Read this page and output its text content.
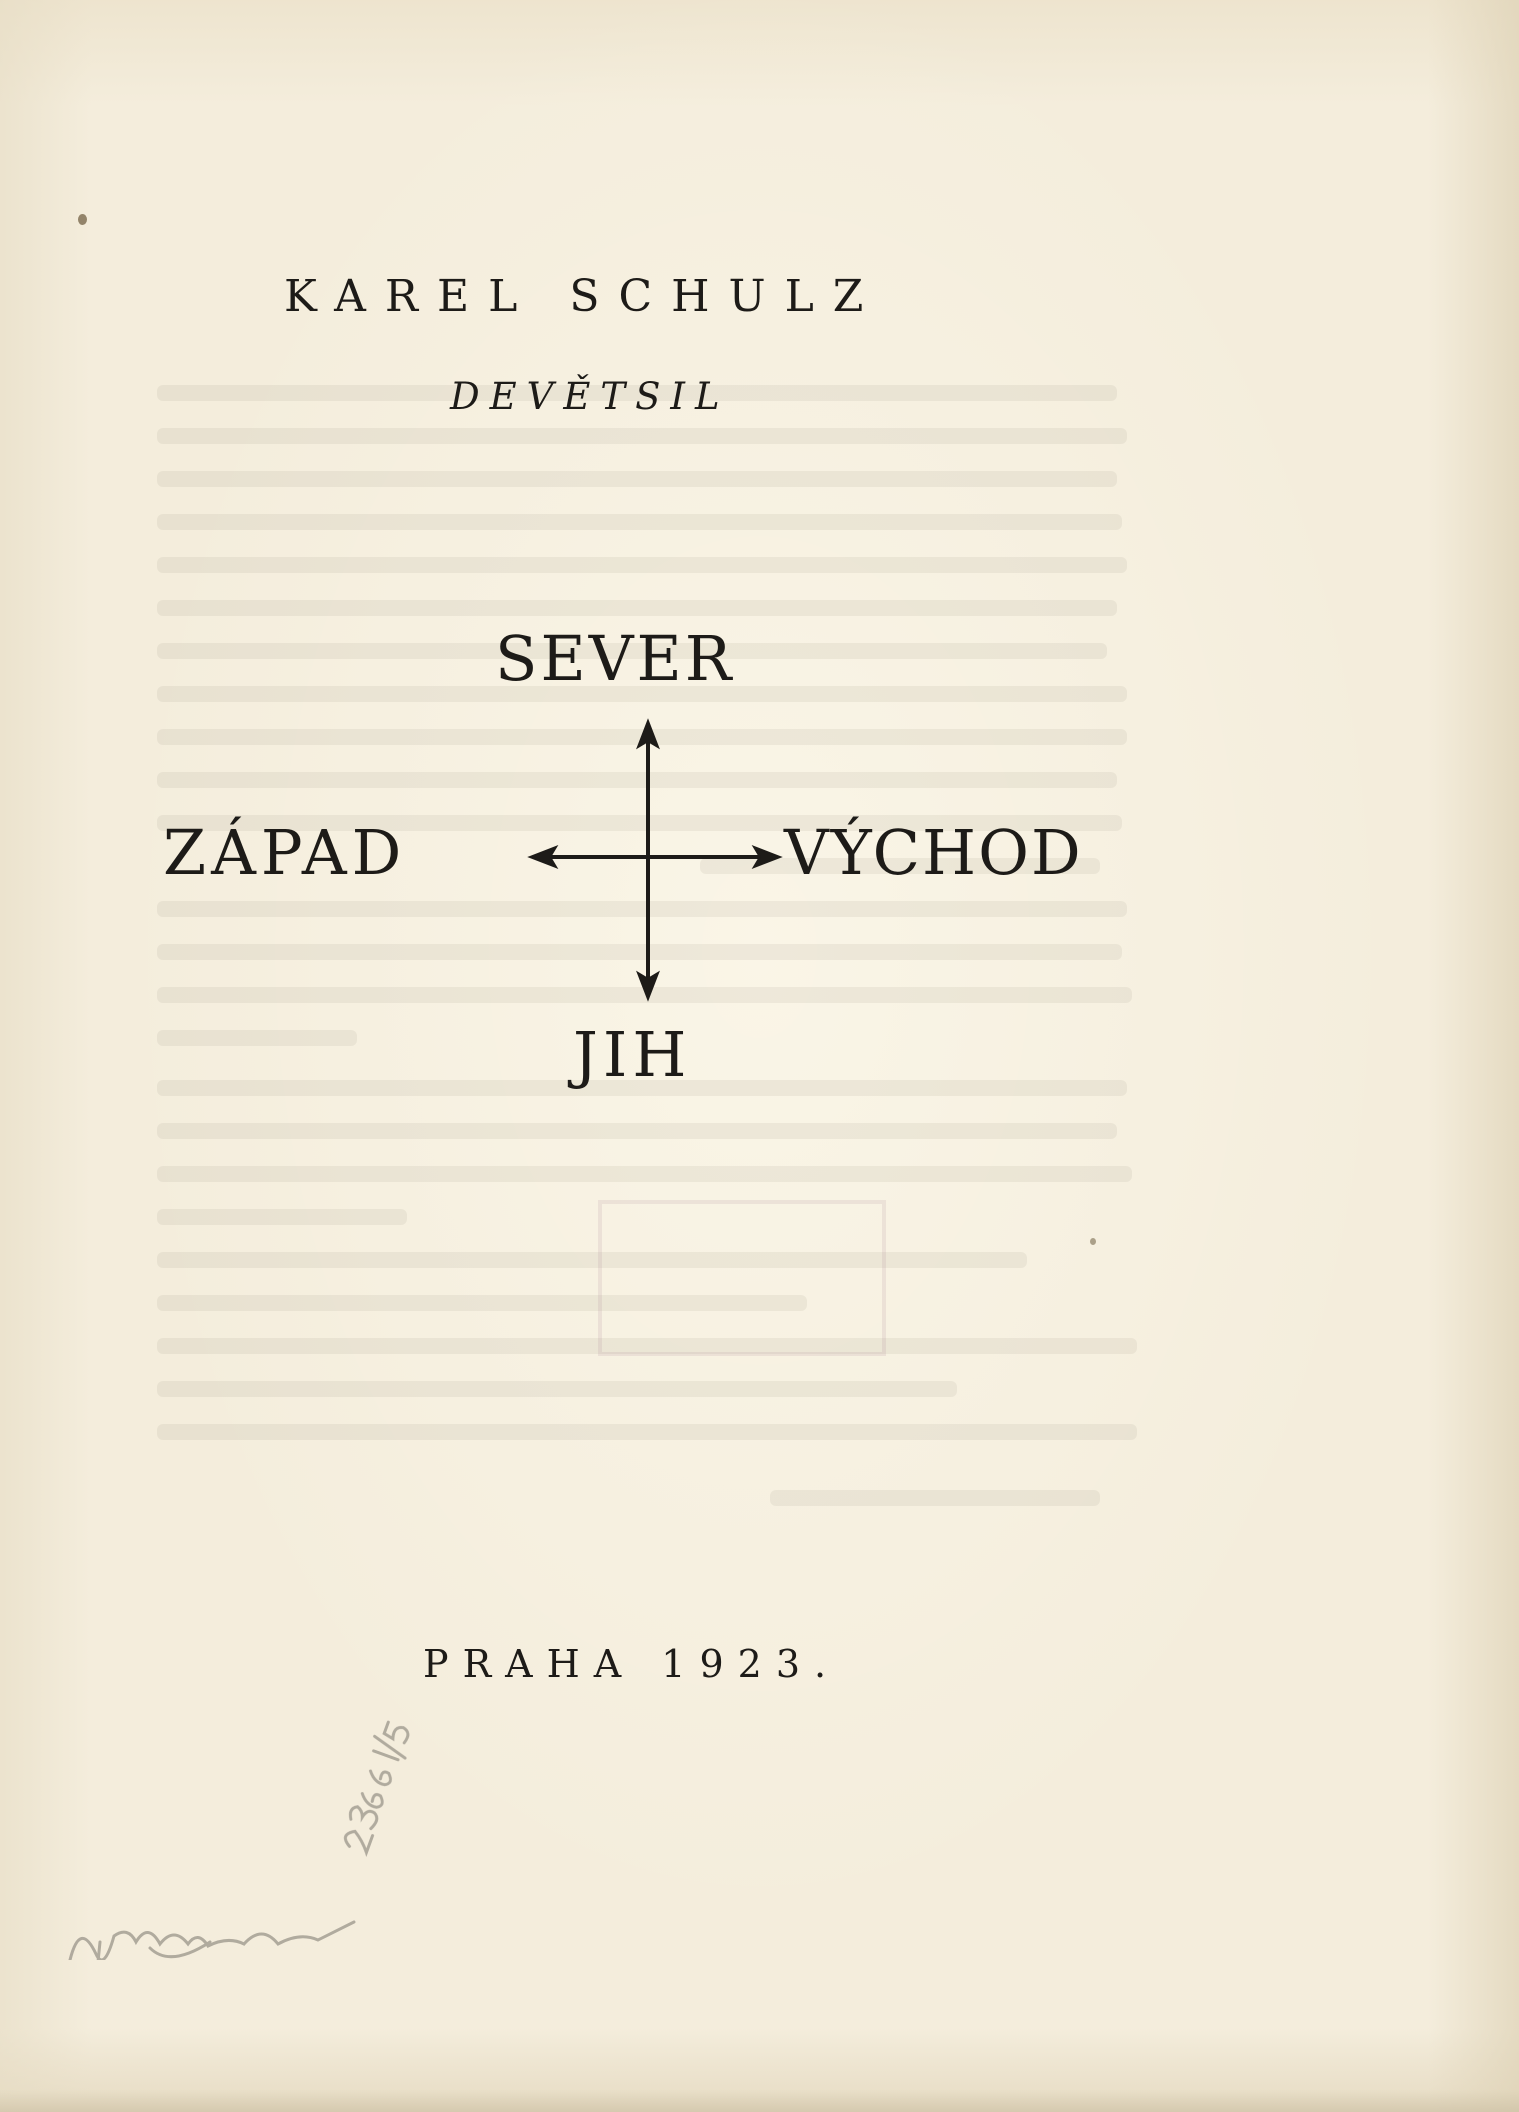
KAREL SCHULZ
DEVĚTSIL
SEVER
ZÁPAD	VÝCHOD
JIH
PRAHA 1923.
